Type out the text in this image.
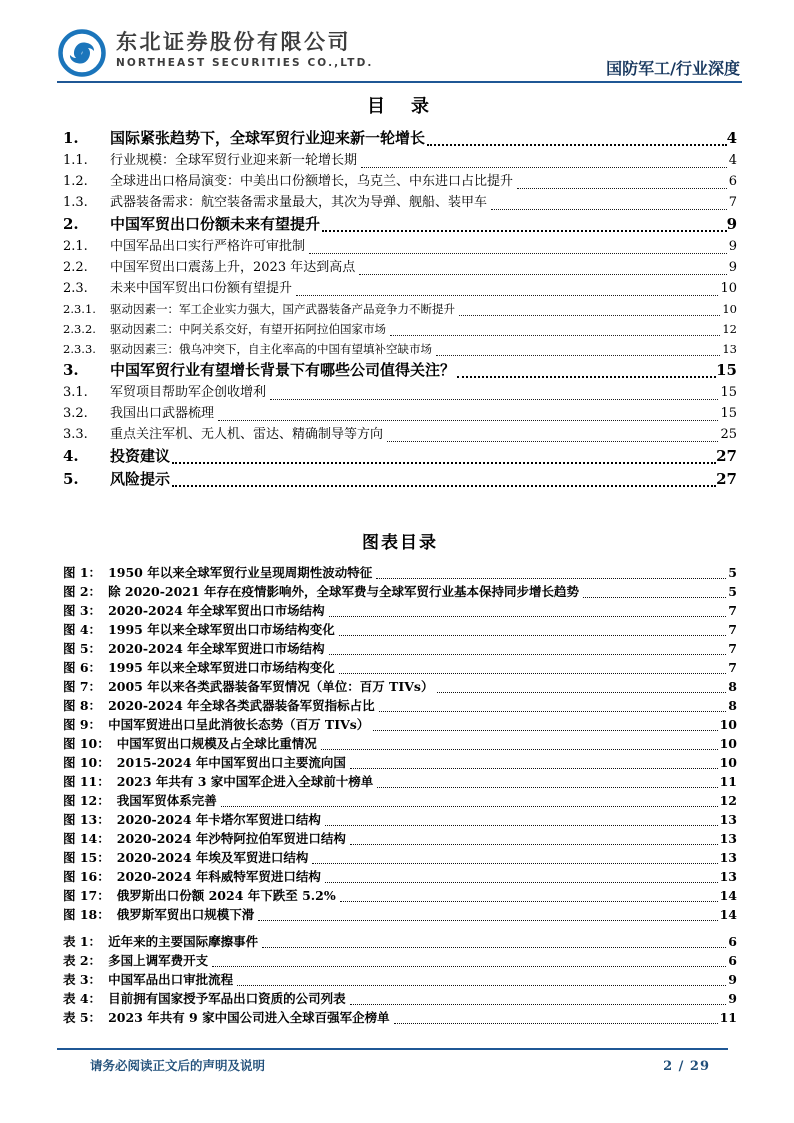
东北证券股份有限公司
NORTHEAST SECURITIES CO.,LTD.	国防军工/行业深度
目　录
1.	国际紧张趋势下，全球军贸行业迎来新一轮增长	4
1.1.	行业规模：全球军贸行业迎来新一轮增长期	4
1.2.	全球进出口格局演变：中美出口份额增长，乌克兰、中东进口占比提升	6
1.3.	武器装备需求：航空装备需求量最大，其次为导弹、舰船、装甲车	7
2.	中国军贸出口份额未来有望提升	9
2.1.	中国军品出口实行严格许可审批制	9
2.2.	中国军贸出口震荡上升，2023 年达到高点	9
2.3.	未来中国军贸出口份额有望提升	10
2.3.1.	驱动因素一：军工企业实力强大，国产武器装备产品竞争力不断提升	10
2.3.2.	驱动因素二：中阿关系交好，有望开拓阿拉伯国家市场	12
2.3.3.	驱动因素三：俄乌冲突下，自主化率高的中国有望填补空缺市场	13
3.	中国军贸行业有望增长背景下有哪些公司值得关注？	15
3.1.	军贸项目帮助军企创收增利	15
3.2.	我国出口武器梳理	15
3.3.	重点关注军机、无人机、雷达、精确制导等方向	25
4.	投资建议	27
5.	风险提示	27
图表目录
图 1： 1950 年以来全球军贸行业呈现周期性波动特征	5
图 2： 除 2020-2021 年存在疫情影响外，全球军费与全球军贸行业基本保持同步增长趋势	5
图 3： 2020-2024 年全球军贸出口市场结构	7
图 4： 1995 年以来全球军贸出口市场结构变化	7
图 5： 2020-2024 年全球军贸进口市场结构	7
图 6： 1995 年以来全球军贸进口市场结构变化	7
图 7： 2005 年以来各类武器装备军贸情况（单位：百万 TIVs）	8
图 8： 2020-2024 年全球各类武器装备军贸指标占比	8
图 9： 中国军贸进出口呈此消彼长态势（百万 TIVs）	10
图 10： 中国军贸出口规模及占全球比重情况	10
图 10： 2015-2024 年中国军贸出口主要流向国	10
图 11： 2023 年共有 3 家中国军企进入全球前十榜单	11
图 12： 我国军贸体系完善	12
图 13： 2020-2024 年卡塔尔军贸进口结构	13
图 14： 2020-2024 年沙特阿拉伯军贸进口结构	13
图 15： 2020-2024 年埃及军贸进口结构	13
图 16： 2020-2024 年科威特军贸进口结构	13
图 17： 俄罗斯出口份额 2024 年下跌至 5.2%	14
图 18： 俄罗斯军贸出口规模下滑	14
表 1： 近年来的主要国际摩擦事件	6
表 2： 多国上调军费开支	6
表 3： 中国军品出口审批流程	9
表 4： 目前拥有国家授予军品出口资质的公司列表	9
表 5： 2023 年共有 9 家中国公司进入全球百强军企榜单	11
请务必阅读正文后的声明及说明	2 / 29
